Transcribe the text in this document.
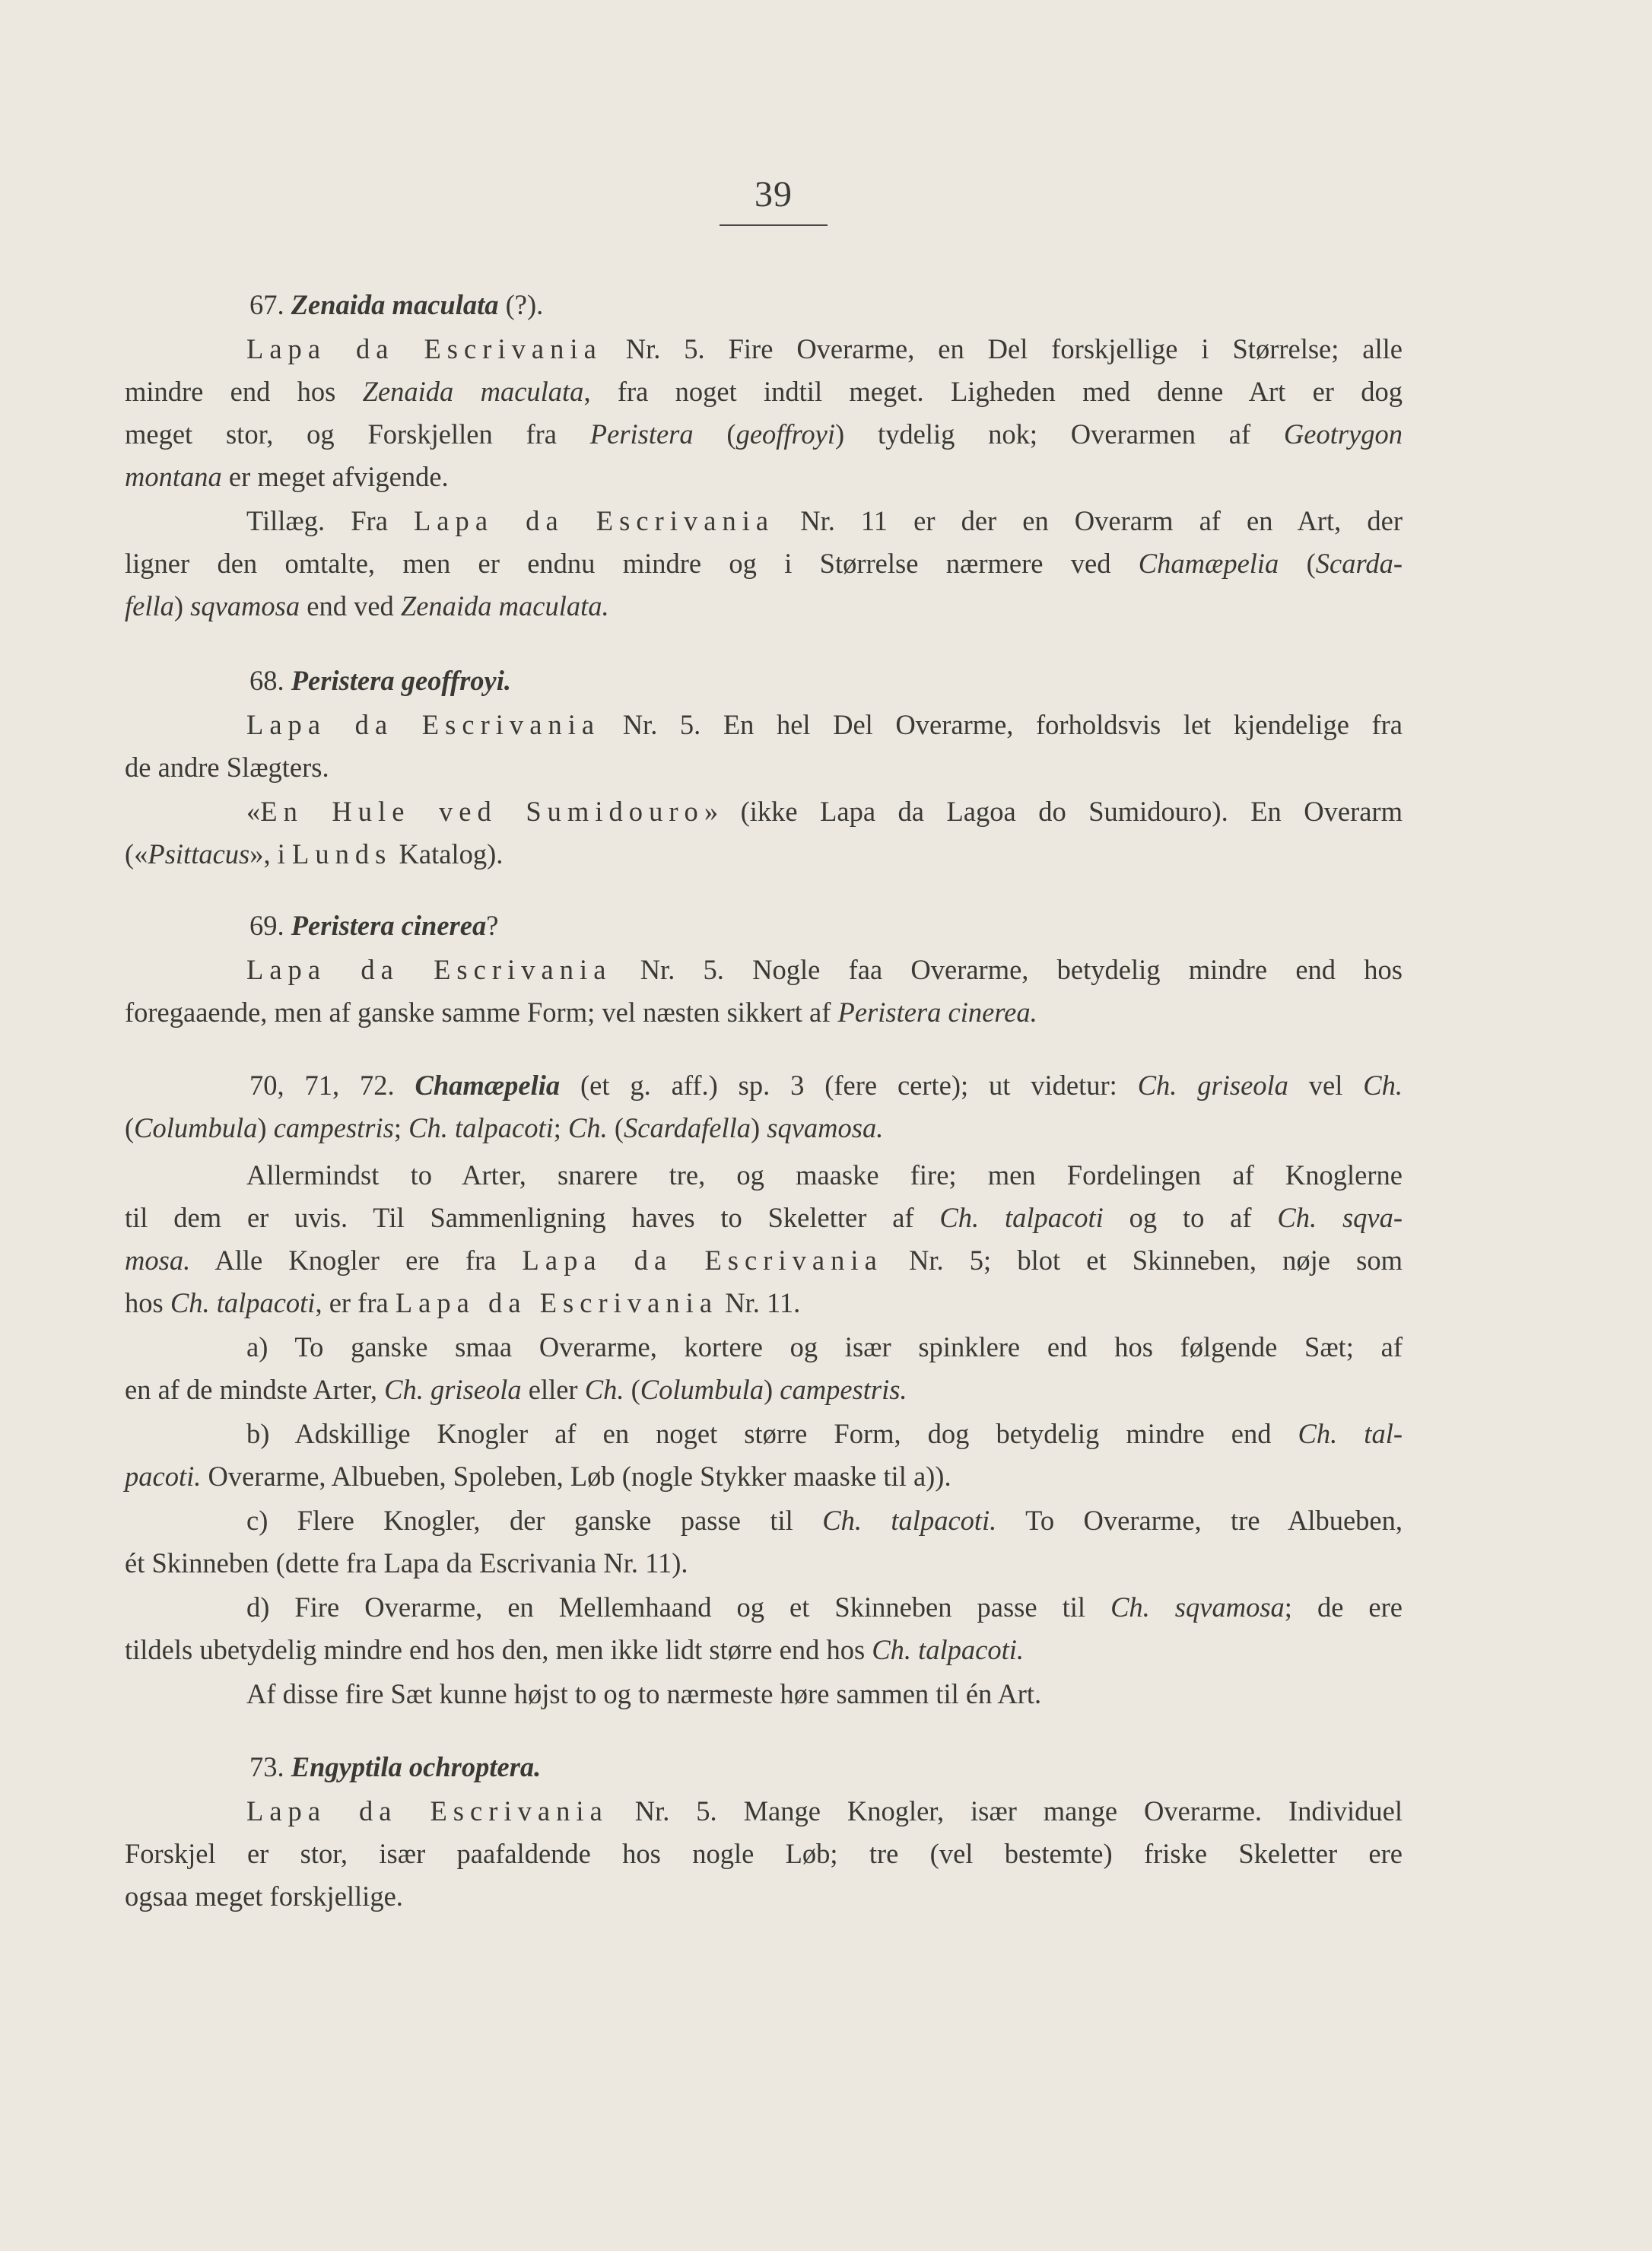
39
67. Zenaida maculata (?).
Lapa da Escrivania Nr. 5. Fire Overarme, en Del forskjellige i Størrelse; alle
mindre end hos Zenaida maculata, fra noget indtil meget. Ligheden med denne Art er dog
meget stor, og Forskjellen fra Peristera (geoffroyi) tydelig nok; Overarmen af Geotrygon
montana er meget afvigende.
Tillæg. Fra Lapa da Escrivania Nr. 11 er der en Overarm af en Art, der
ligner den omtalte, men er endnu mindre og i Størrelse nærmere ved Chamæpelia (Scarda-
fella) sqvamosa end ved Zenaida maculata.
68. Peristera geoffroyi.
Lapa da Escrivania Nr. 5. En hel Del Overarme, forholdsvis let kjendelige fra
de andre Slægters.
«En Hule ved Sumidouro» (ikke Lapa da Lagoa do Sumidouro). En Overarm
(«Psittacus», i Lunds Katalog).
69. Peristera cinerea?
Lapa da Escrivania Nr. 5. Nogle faa Overarme, betydelig mindre end hos
foregaaende, men af ganske samme Form; vel næsten sikkert af Peristera cinerea.
70, 71, 72. Chamæpelia (et g. aff.) sp. 3 (fere certe); ut videtur: Ch. griseola vel Ch.
(Columbula) campestris; Ch. talpacoti; Ch. (Scardafella) sqvamosa.
Allermindst to Arter, snarere tre, og maaske fire; men Fordelingen af Knoglerne
til dem er uvis. Til Sammenligning haves to Skeletter af Ch. talpacoti og to af Ch. sqva-
mosa. Alle Knogler ere fra Lapa da Escrivania Nr. 5; blot et Skinneben, nøje som
hos Ch. talpacoti, er fra Lapa da Escrivania Nr. 11.
a) To ganske smaa Overarme, kortere og især spinklere end hos følgende Sæt; af
en af de mindste Arter, Ch. griseola eller Ch. (Columbula) campestris.
b) Adskillige Knogler af en noget større Form, dog betydelig mindre end Ch. tal-
pacoti. Overarme, Albueben, Spoleben, Løb (nogle Stykker maaske til a)).
c) Flere Knogler, der ganske passe til Ch. talpacoti. To Overarme, tre Albueben,
ét Skinneben (dette fra Lapa da Escrivania Nr. 11).
d) Fire Overarme, en Mellemhaand og et Skinneben passe til Ch. sqvamosa; de ere
tildels ubetydelig mindre end hos den, men ikke lidt større end hos Ch. talpacoti.
Af disse fire Sæt kunne højst to og to nærmeste høre sammen til én Art.
73. Engyptila ochroptera.
Lapa da Escrivania Nr. 5. Mange Knogler, især mange Overarme. Individuel
Forskjel er stor, især paafaldende hos nogle Løb; tre (vel bestemte) friske Skeletter ere
ogsaa meget forskjellige.
